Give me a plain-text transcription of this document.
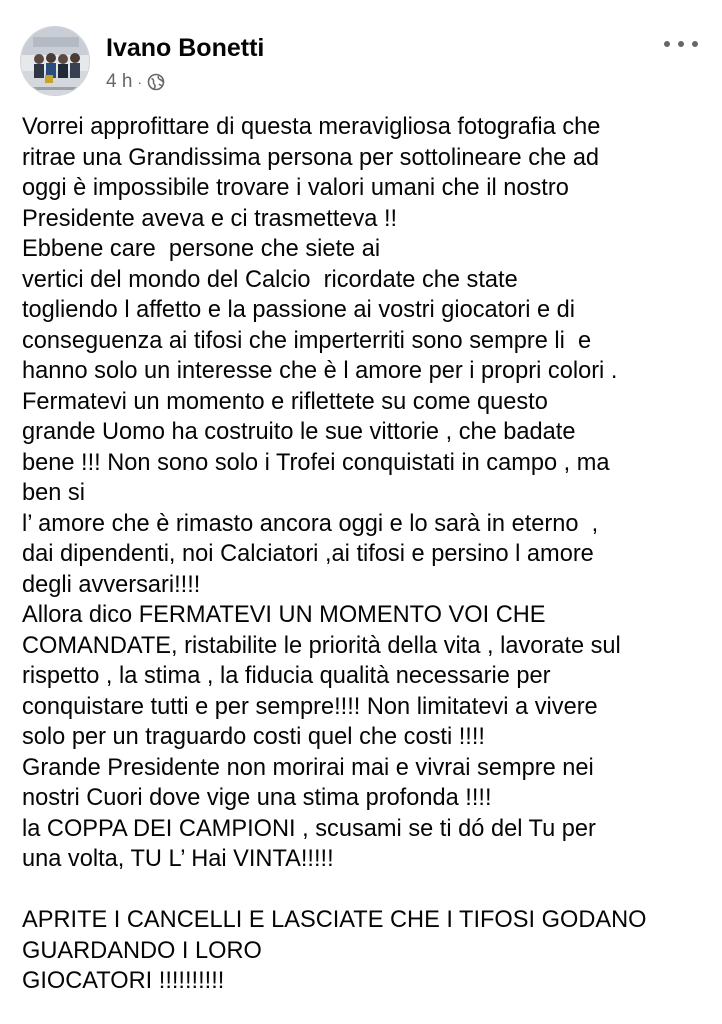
Ivano Bonetti
4 h ·
Vorrei approfittare di questa meravigliosa fotografia che
ritrae una Grandissima persona per sottolineare che ad
oggi è impossibile trovare i valori umani che il nostro
Presidente aveva e ci trasmetteva !!
Ebbene care  persone che siete ai
vertici del mondo del Calcio  ricordate che state
togliendo l affetto e la passione ai vostri giocatori e di
conseguenza ai tifosi che imperterriti sono sempre li  e
hanno solo un interesse che è l amore per i propri colori .
Fermatevi un momento e riflettete su come questo
grande Uomo ha costruito le sue vittorie , che badate
bene !!! Non sono solo i Trofei conquistati in campo , ma
ben si
l’ amore che è rimasto ancora oggi e lo sarà in eterno  ,
dai dipendenti, noi Calciatori ,ai tifosi e persino l amore
degli avversari!!!!
Allora dico FERMATEVI UN MOMENTO VOI CHE
COMANDATE, ristabilite le priorità della vita , lavorate sul
rispetto , la stima , la fiducia qualità necessarie per
conquistare tutti e per sempre!!!! Non limitatevi a vivere
solo per un traguardo costi quel che costi !!!!
Grande Presidente non morirai mai e vivrai sempre nei
nostri Cuori dove vige una stima profonda !!!!
la COPPA DEI CAMPIONI , scusami se ti dó del Tu per
una volta, TU L’ Hai VINTA!!!!!
APRITE I CANCELLI E LASCIATE CHE I TIFOSI GODANO
GUARDANDO I LORO
GIOCATORI !!!!!!!!!!
